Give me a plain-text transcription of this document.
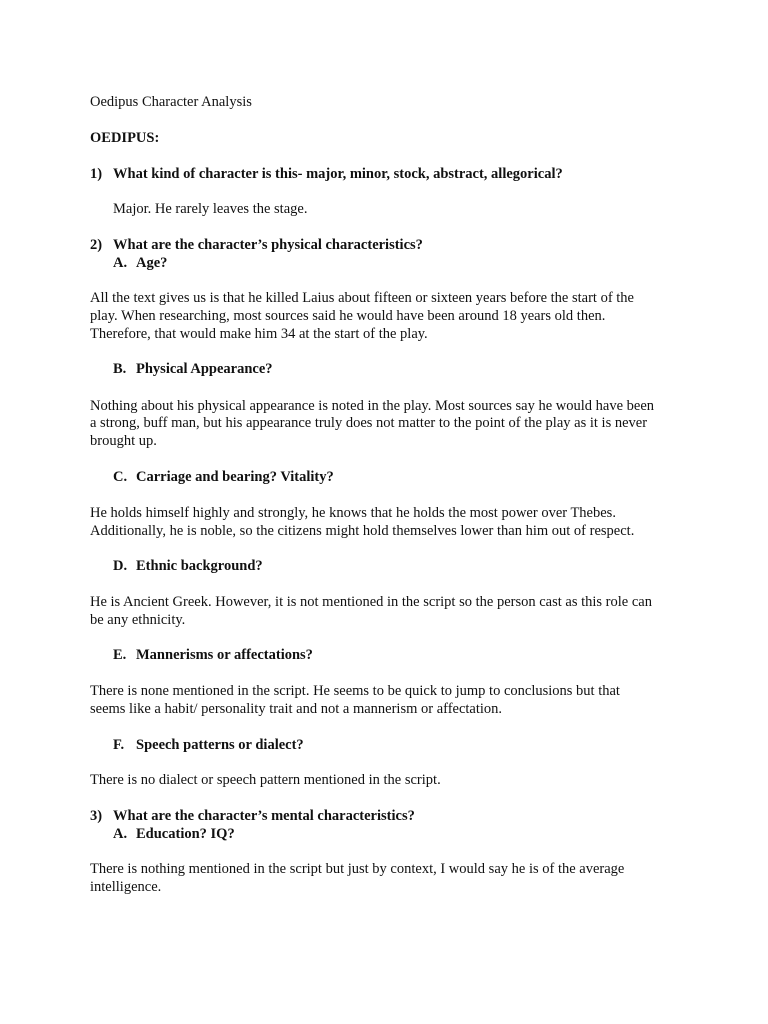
Oedipus Character Analysis
OEDIPUS:
1) What kind of character is this- major, minor, stock, abstract, allegorical?
Major. He rarely leaves the stage.
2) What are the character’s physical characteristics?
A. Age?
All the text gives us is that he killed Laius about fifteen or sixteen years before the start of the
play. When researching, most sources said he would have been around 18 years old then.
Therefore, that would make him 34 at the start of the play.
B. Physical Appearance?
Nothing about his physical appearance is noted in the play. Most sources say he would have been
a strong, buff man, but his appearance truly does not matter to the point of the play as it is never
brought up.
C. Carriage and bearing? Vitality?
He holds himself highly and strongly, he knows that he holds the most power over Thebes.
Additionally, he is noble, so the citizens might hold themselves lower than him out of respect.
D. Ethnic background?
He is Ancient Greek. However, it is not mentioned in the script so the person cast as this role can
be any ethnicity.
E. Mannerisms or affectations?
There is none mentioned in the script. He seems to be quick to jump to conclusions but that
seems like a habit/ personality trait and not a mannerism or affectation.
F. Speech patterns or dialect?
There is no dialect or speech pattern mentioned in the script.
3) What are the character’s mental characteristics?
A. Education? IQ?
There is nothing mentioned in the script but just by context, I would say he is of the average
intelligence.
